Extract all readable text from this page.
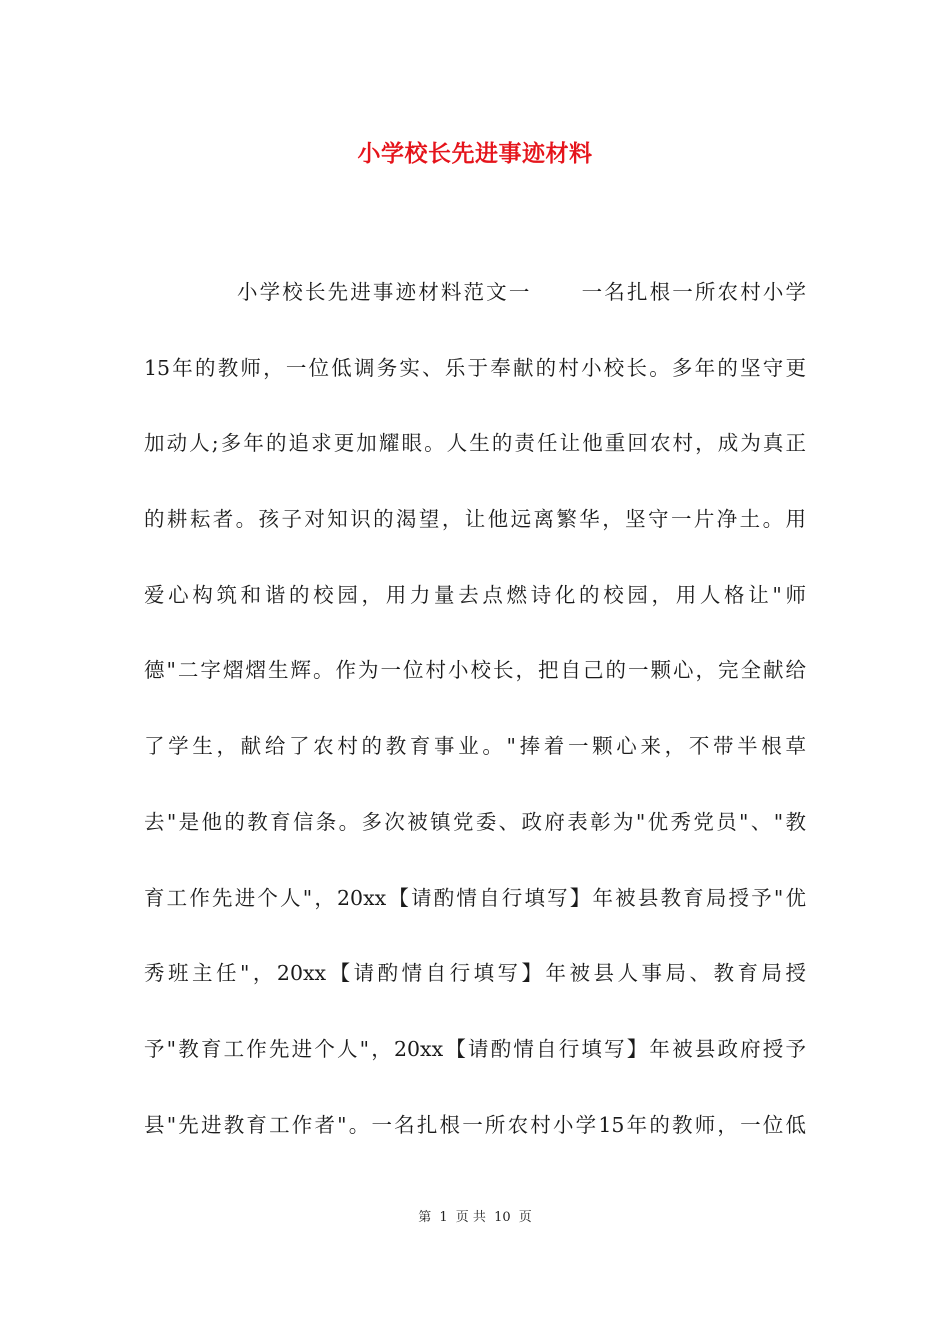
小学校长先进事迹材料
小学校长先进事迹材料范文一 一名扎根一所农村小学
15年的教师，一位低调务实、乐于奉献的村小校长。多年的坚守更
加动人;多年的追求更加耀眼。人生的责任让他重回农村，成为真正
的耕耘者。孩子对知识的渴望，让他远离繁华，坚守一片净土。用
爱心构筑和谐的校园，用力量去点燃诗化的校园，用人格让"师
德"二字熠熠生辉。作为一位村小校长，把自己的一颗心，完全献给
了学生，献给了农村的教育事业。"捧着一颗心来，不带半根草
去"是他的教育信条。多次被镇党委、政府表彰为"优秀党员"、"教
育工作先进个人"，20xx【请酌情自行填写】年被县教育局授予"优
秀班主任"，20xx【请酌情自行填写】年被县人事局、教育局授
予"教育工作先进个人"，20xx【请酌情自行填写】年被县政府授予
县"先进教育工作者"。一名扎根一所农村小学15年的教师，一位低
第 1 页 共 10 页
